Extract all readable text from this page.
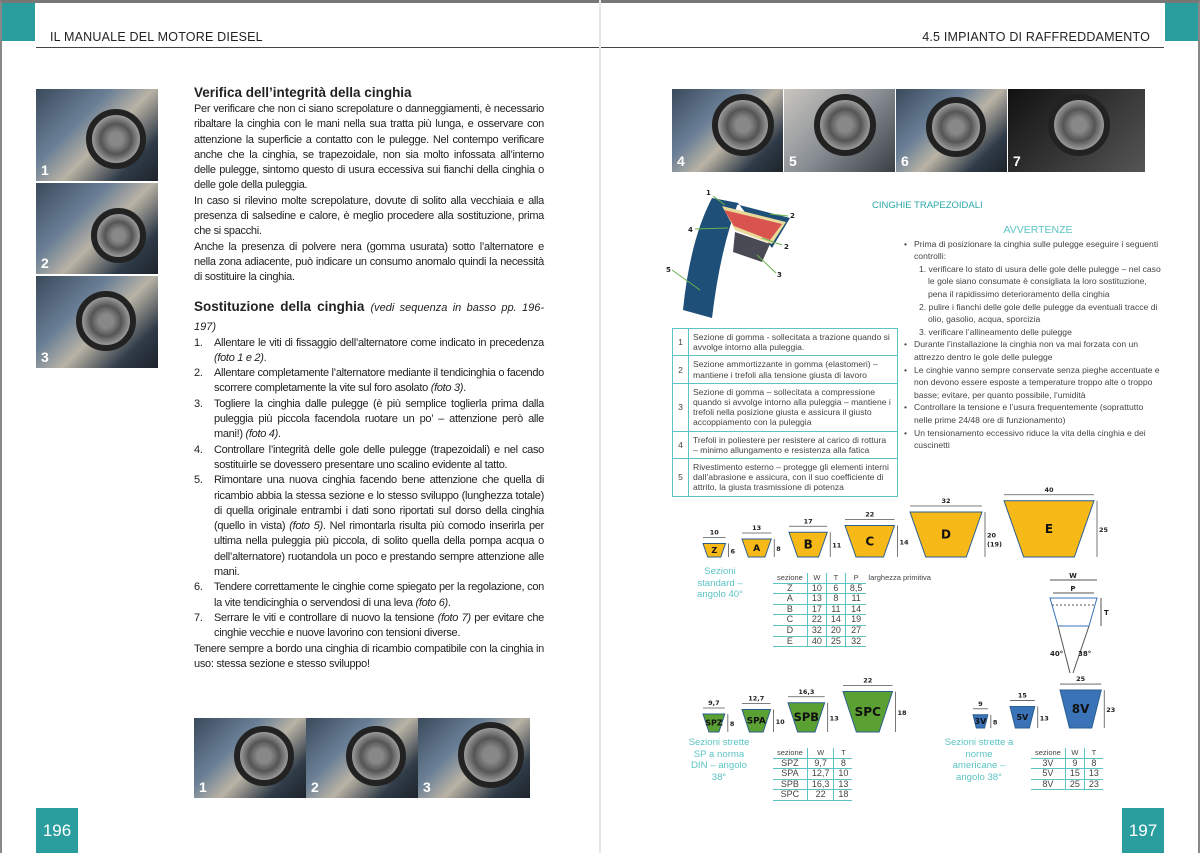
IL MANUALE DEL MOTORE DIESEL
1
2
3
Verifica dell’integrità della cinghia

Per verificare che non ci siano screpolature o danneggiamenti, è necessario ribaltare la cinghia con le mani nella sua tratta più lunga, e osservare con attenzione la superficie a contatto con le pulegge. Nel contempo verificare anche che la cinghia, se trapezoidale, non sia molto infossata all’interno delle pulegge, sintomo questo di usura eccessiva sui fianchi della cinghia o delle gole della puleggia.

In caso si rilevino molte screpolature, dovute di solito alla vecchiaia e alla presenza di salsedine e calore, è meglio procedere alla sostituzione, prima che si spacchi.

Anche la presenza di polvere nera (gomma usurata) sotto l’alternatore e nella zona adiacente, può indicare un consumo anomalo quindi la necessità di sostituire la cinghia.

Sostituzione della cinghia (vedi sequenza in basso pp. 196-197)
1. Allentare le viti di fissaggio dell’alternatore come indicato in precedenza (foto 1 e 2).
2. Allentare completamente l’alternatore mediante il tendicinghia o facendo scorrere completamente la vite sul foro asolato (foto 3).
3. Togliere la cinghia dalle pulegge (è più semplice toglierla prima dalla puleggia più piccola facendola ruotare un po’ – attenzione però alle mani!) (foto 4).
4. Controllare l’integrità delle gole delle pulegge (trapezoidali) e nel caso sostituirle se dovessero presentare uno scalino evidente al tatto.
5. Rimontare una nuova cinghia facendo bene attenzione che quella di ricambio abbia la stessa sezione e lo stesso sviluppo (lunghezza totale) di quella originale entrambi i dati sono riportati sul dorso della cinghia (quello in vista) (foto 5). Nel rimontarla risulta più comodo inserirla per ultima nella puleggia più piccola, di solito quella della pompa acqua o dell’alternatore) ruotandola un poco e prestando sempre attenzione alle mani.
6. Tendere correttamente le cinghie come spiegato per la regolazione, con la vite tendicinghia o servendosi di una leva (foto 6).
7. Serrare le viti e controllare di nuovo la tensione (foto 7) per evitare che cinghie vecchie e nuove lavorino con tensioni diverse.

Tenere sempre a bordo una cinghia di ricambio compatibile con la cinghia in uso: stessa sezione e stesso sviluppo!

1	2	3
196
4.5 IMPIANTO DI RAFFREDDAMENTO
4	5	6	7
1
2
4
2
3
5
Z
10
6 A
13
8 B
17
11 C
22
14
D
32
20
(19)
E
40
25
SPZ
9,7
8 SPA
12,7
10 SPB
16,3
13 SPC
22
18
3V
9
8
5V
15
13
8V
25
23
W
P
T
40° 38°
CINGHIE TRAPEZOIDALI
1	Sezione di gomma - sollecitata a trazione quando si avvolge intorno alla puleggia.
2	Sezione ammortizzante in gomma (elastomeri) – mantiene i trefoli alla tensione giusta di lavoro
3	Sezione di gomma – sollecitata a compressione quando si avvolge intorno alla puleggia – mantiene i trefoli nella posizione giusta e assicura il giusto accoppiamento con la puleggia
4	Trefoli in poliestere per resistere al carico di rottura – minimo allungamento e resistenza alla fatica
5	Rivestimento esterno – protegge gli elementi interni dall’abrasione e assicura, con il suo coefficiente di attrito, la giusta trasmissione di potenza
AVVERTENZE
• Prima di posizionare la cinghia sulle pulegge eseguire i seguenti controlli:
1. verificare lo stato di usura delle gole delle pulegge – nel caso le gole siano consumate è consigliata la loro sostituzione, pena il rapidissimo deterioramento della cinghia
2. pulire i fianchi delle gole delle pulegge da eventuali tracce di olio, gasolio, acqua, sporcizia
3. verificare l’allineamento delle pulegge
• Durante l’installazione la cinghia non va mai forzata con un attrezzo dentro le gole delle pulegge
• Le cinghie vanno sempre conservate senza pieghe accentuate e non devono essere esposte a temperature troppo alte o troppo basse; evitare, per quanto possibile, l’umidità
• Controllare la tensione e l’usura frequentemente (soprattutto nelle prime 24/48 ore di funzionamento)
• Un tensionamento eccessivo riduce la vita della cinghia e dei cuscinetti
Sezioni standard – angolo 40°
sezione	W	T	P	larghezza primitiva
Z	10	6	8,5	
A	13	8	11	
B	17	11	14	
C	22	14	19	
D	32	20	27	
E	40	25	32	
Sezioni strette SP a norma DIN – angolo 38°
sezione	W	T
SPZ	9,7	8
SPA	12,7	10
SPB	16,3	13
SPC	22	18
Sezioni strette a norme americane – angolo 38°
sezione	W	T
3V	9	8
5V	15	13
8V	25	23
197
